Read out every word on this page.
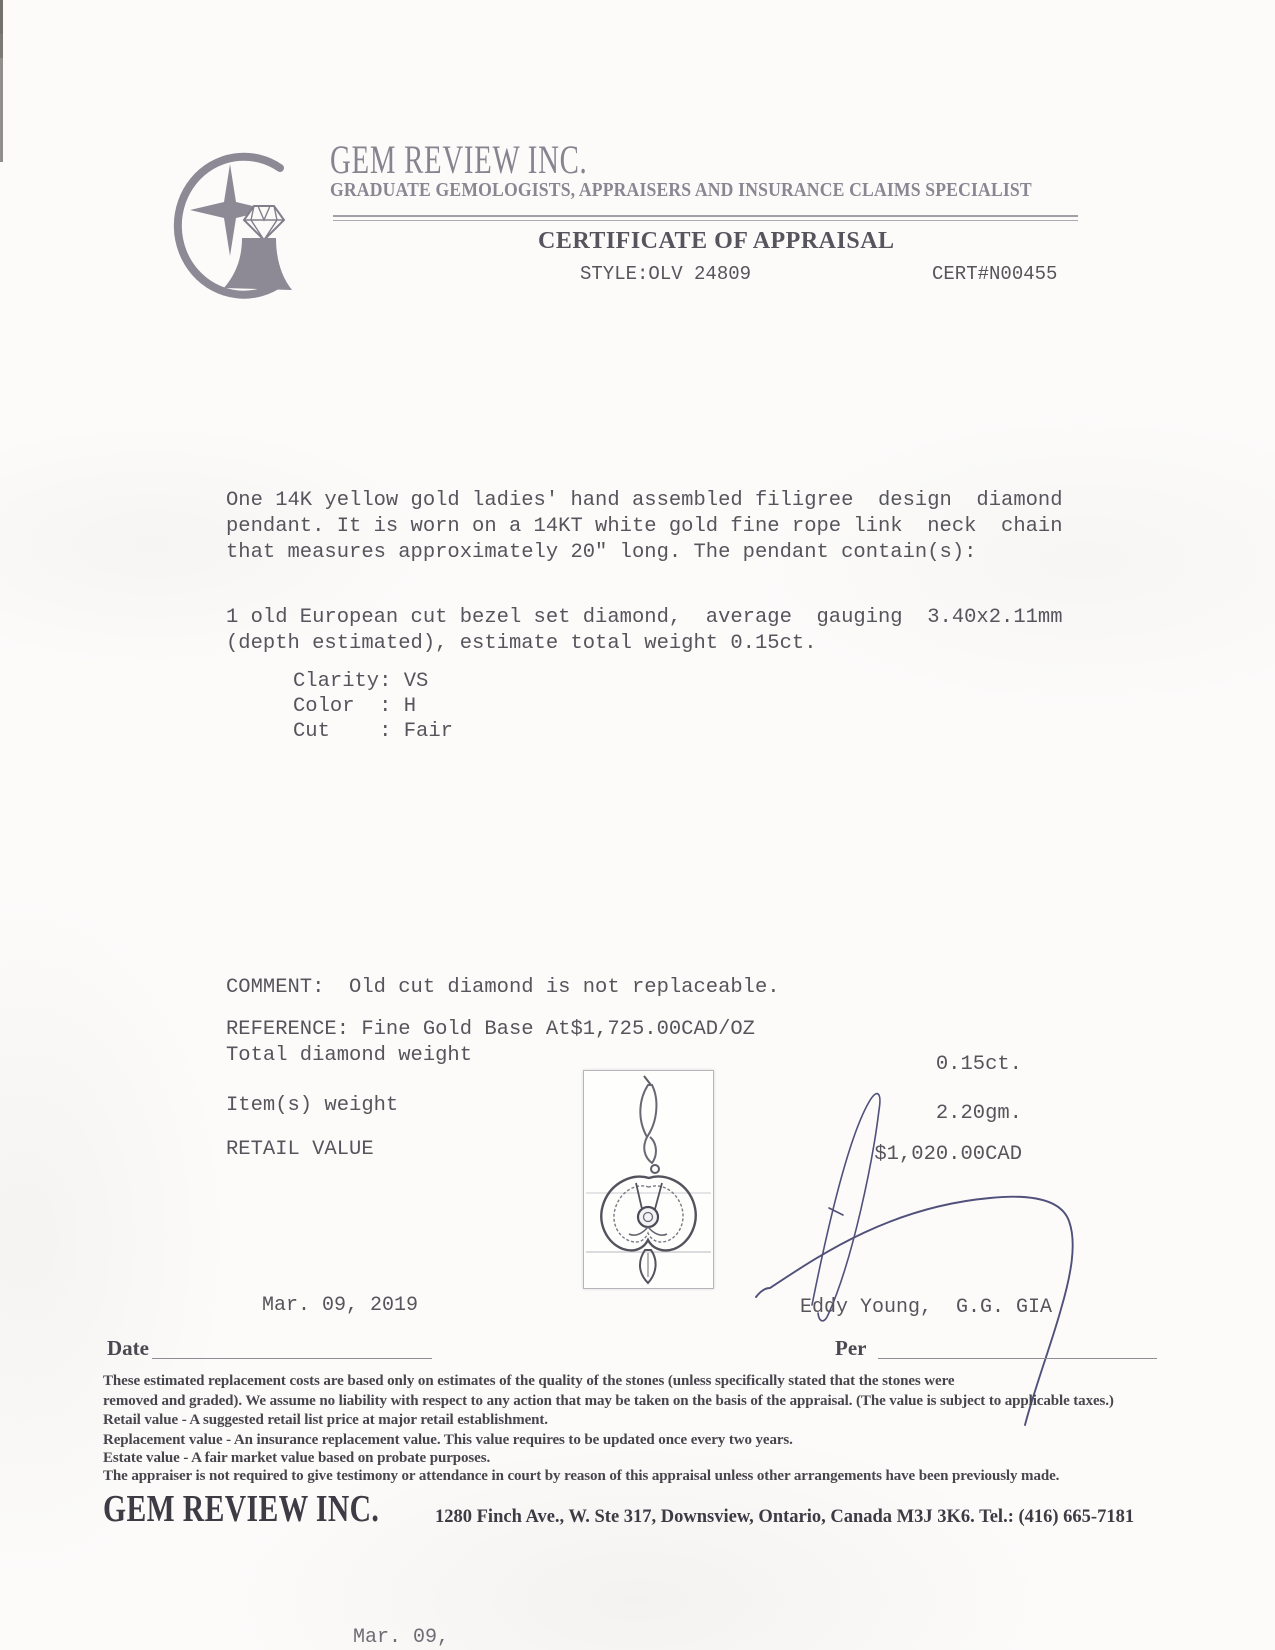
GEM REVIEW INC.
GRADUATE GEMOLOGISTS, APPRAISERS AND INSURANCE CLAIMS SPECIALIST
CERTIFICATE OF APPRAISAL
STYLE:OLV 24809	CERT#N00455
One 14K yellow gold ladies' hand assembled filigree  design  diamond
pendant. It is worn on a 14KT white gold fine rope link  neck  chain
that measures approximately 20" long. The pendant contain(s):
1 old European cut bezel set diamond,  average  gauging  3.40x2.11mm
(depth estimated), estimate total weight 0.15ct.
Clarity: VS
Color  : H
Cut    : Fair
COMMENT:  Old cut diamond is not replaceable.
REFERENCE: Fine Gold Base At$1,725.00CAD/OZ
Total diamond weight	0.15ct.
Item(s) weight	2.20gm.
RETAIL VALUE	$1,020.00CAD
Mar. 09, 2019	Eddy Young,  G.G. GIA
Date	Per
These estimated replacement costs are based only on estimates of the quality of the stones (unless specifically stated that the stones were
removed and graded). We assume no liability with respect to any action that may be taken on the basis of the appraisal. (The value is subject to applicable taxes.)
Retail value - A suggested retail list price at major retail establishment.
Replacement value - An insurance replacement value. This value requires to be updated once every two years.
Estate value - A fair market value based on probate purposes.
The appraiser is not required to give testimony or attendance in court by reason of this appraisal unless other arrangements have been previously made.
GEM REVIEW INC.	1280 Finch Ave., W. Ste 317, Downsview, Ontario, Canada M3J 3K6. Tel.: (416) 665-7181
Mar. 09,
